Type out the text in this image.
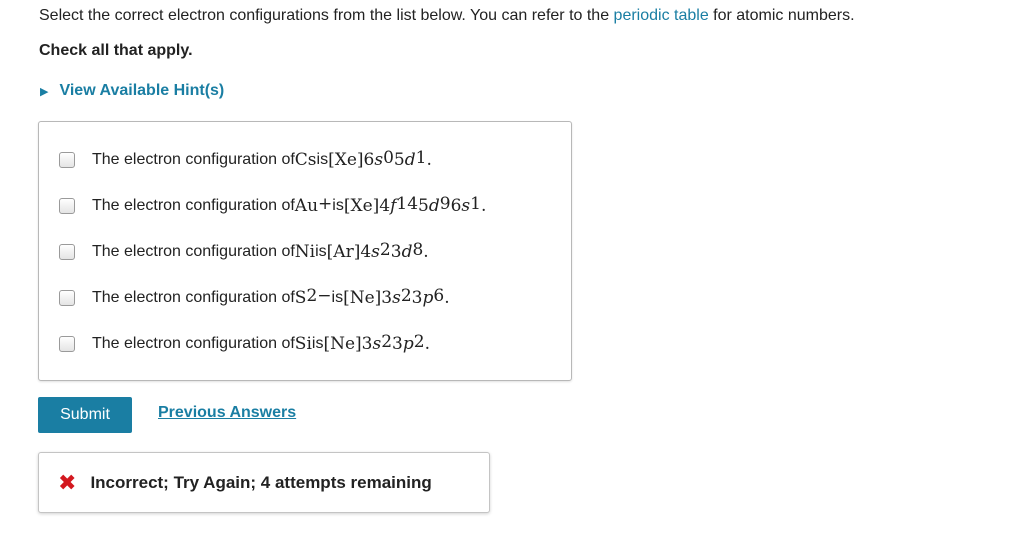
Select the correct electron configurations from the list below. You can refer to the periodic table for atomic numbers.
Check all that apply.
▶ View Available Hint(s)
The electron configuration of Cs is [Xe] 6 $s^0$ 5 $d^1$ .
The electron configuration of Au+ is [Xe] 4 $f^{14}$ 5 $d^9$ 6 $s^1$ .
The electron configuration of Ni is [Ar] 4 $s^2$ 3 $d^8$ .
The electron configuration of $S^{2-}$ is [Ne] 3 $s^2$ 3 $p^6$ .
The electron configuration of Si is [Ne] 3 $s^2$ 3 $p^2$ .
Submit	Previous Answers
✖ Incorrect; Try Again; 4 attempts remaining
